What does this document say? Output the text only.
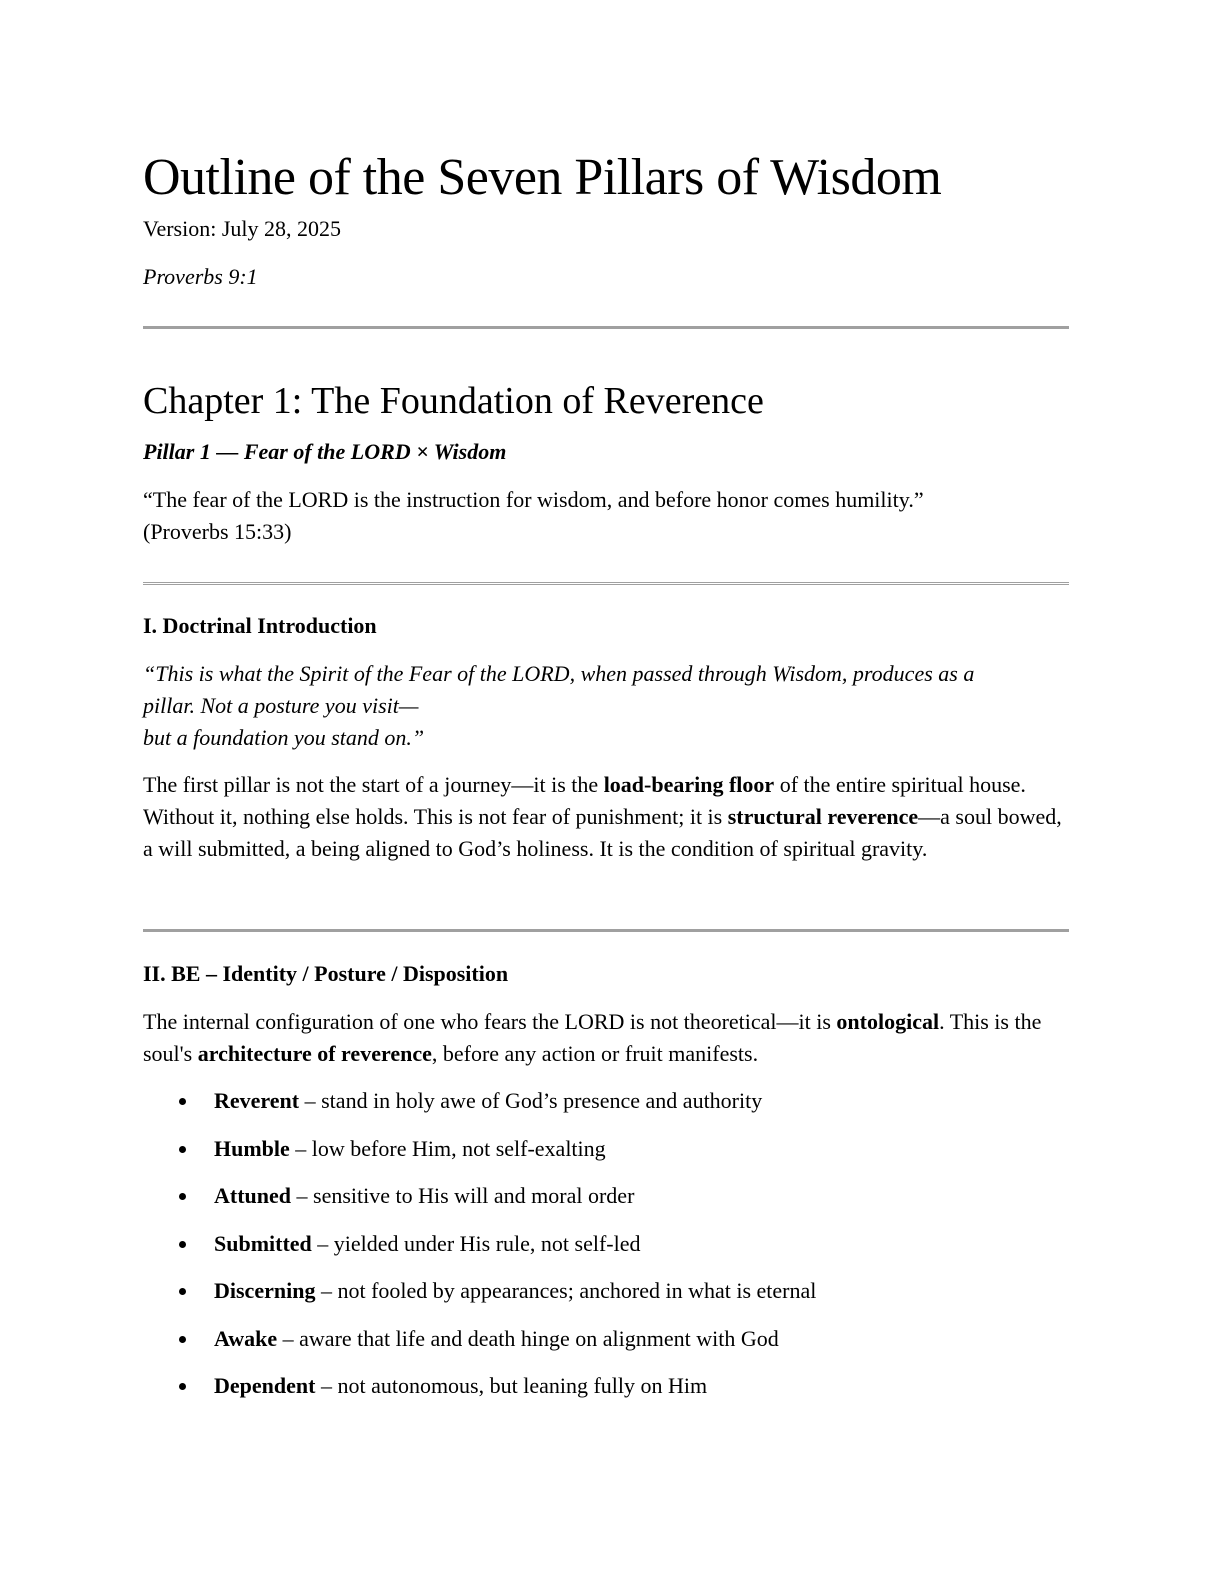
Outline of the Seven Pillars of Wisdom
Version: July 28, 2025
Proverbs 9:1
Chapter 1: The Foundation of Reverence
Pillar 1 — Fear of the LORD × Wisdom
“The fear of the LORD is the instruction for wisdom, and before honor comes humility.”
(Proverbs 15:33)
I. Doctrinal Introduction
“This is what the Spirit of the Fear of the LORD, when passed through Wisdom, produces as a
pillar. Not a posture you visit—
but a foundation you stand on.”

The first pillar is not the start of a journey—it is the load-bearing floor of the entire spiritual house. Without it, nothing else holds. This is not fear of punishment; it is structural reverence—a soul bowed, a will submitted, a being aligned to God’s holiness. It is the condition of spiritual gravity.

II. BE – Identity / Posture / Disposition

The internal configuration of one who fears the LORD is not theoretical—it is ontological. This is the soul's architecture of reverence, before any action or fruit manifests.

Reverent – stand in holy awe of God’s presence and authority
Humble – low before Him, not self-exalting
Attuned – sensitive to His will and moral order
Submitted – yielded under His rule, not self-led
Discerning – not fooled by appearances; anchored in what is eternal
Awake – aware that life and death hinge on alignment with God
Dependent – not autonomous, but leaning fully on Him
